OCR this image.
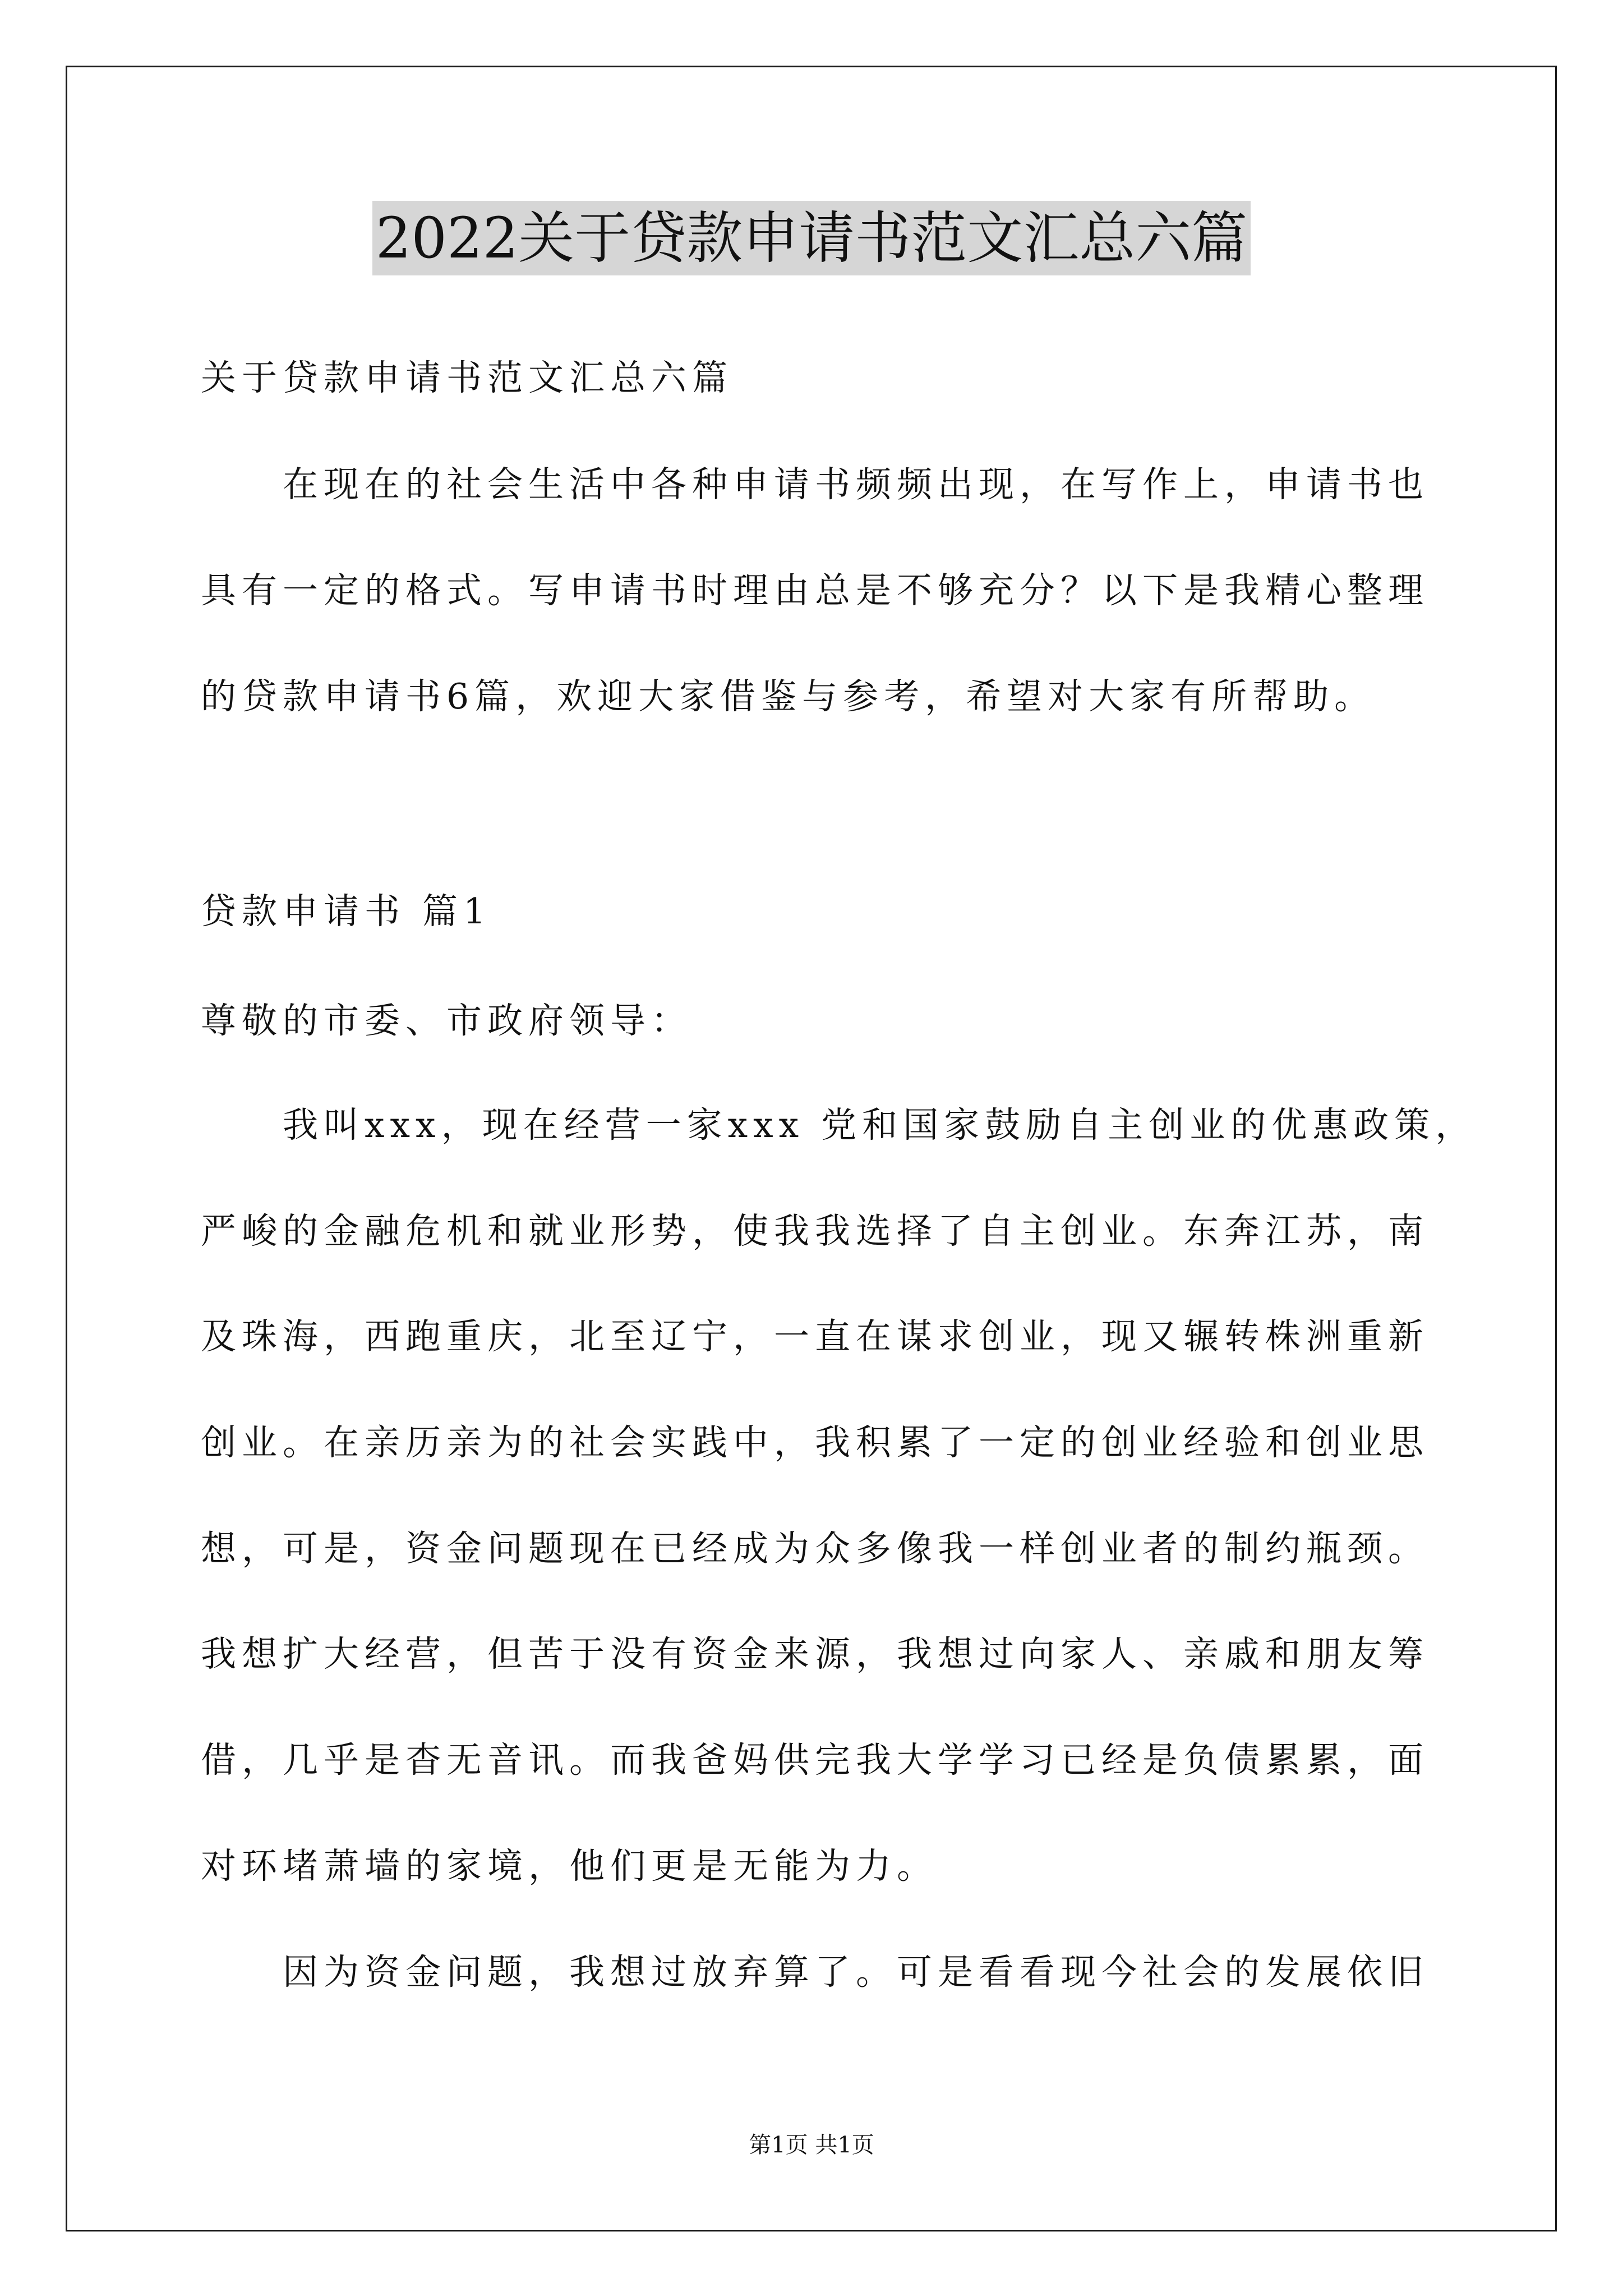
2022关于贷款申请书范文汇总六篇
关于贷款申请书范文汇总六篇
在现在的社会生活中各种申请书频频出现，在写作上，申请书也
具有一定的格式。写申请书时理由总是不够充分？以下是我精心整理
的贷款申请书6篇，欢迎大家借鉴与参考，希望对大家有所帮助。
贷款申请书 篇1
尊敬的市委、市政府领导：
我叫xxx，现在经营一家xxx 党和国家鼓励自主创业的优惠政策，
严峻的金融危机和就业形势，使我我选择了自主创业。东奔江苏，南
及珠海，西跑重庆，北至辽宁，一直在谋求创业，现又辗转株洲重新
创业。在亲历亲为的社会实践中，我积累了一定的创业经验和创业思
想，可是，资金问题现在已经成为众多像我一样创业者的制约瓶颈。
我想扩大经营，但苦于没有资金来源，我想过向家人、亲戚和朋友筹
借，几乎是杳无音讯。而我爸妈供完我大学学习已经是负债累累，面
对环堵萧墙的家境，他们更是无能为力。
因为资金问题，我想过放弃算了。可是看看现今社会的发展依旧
第1页 共1页
